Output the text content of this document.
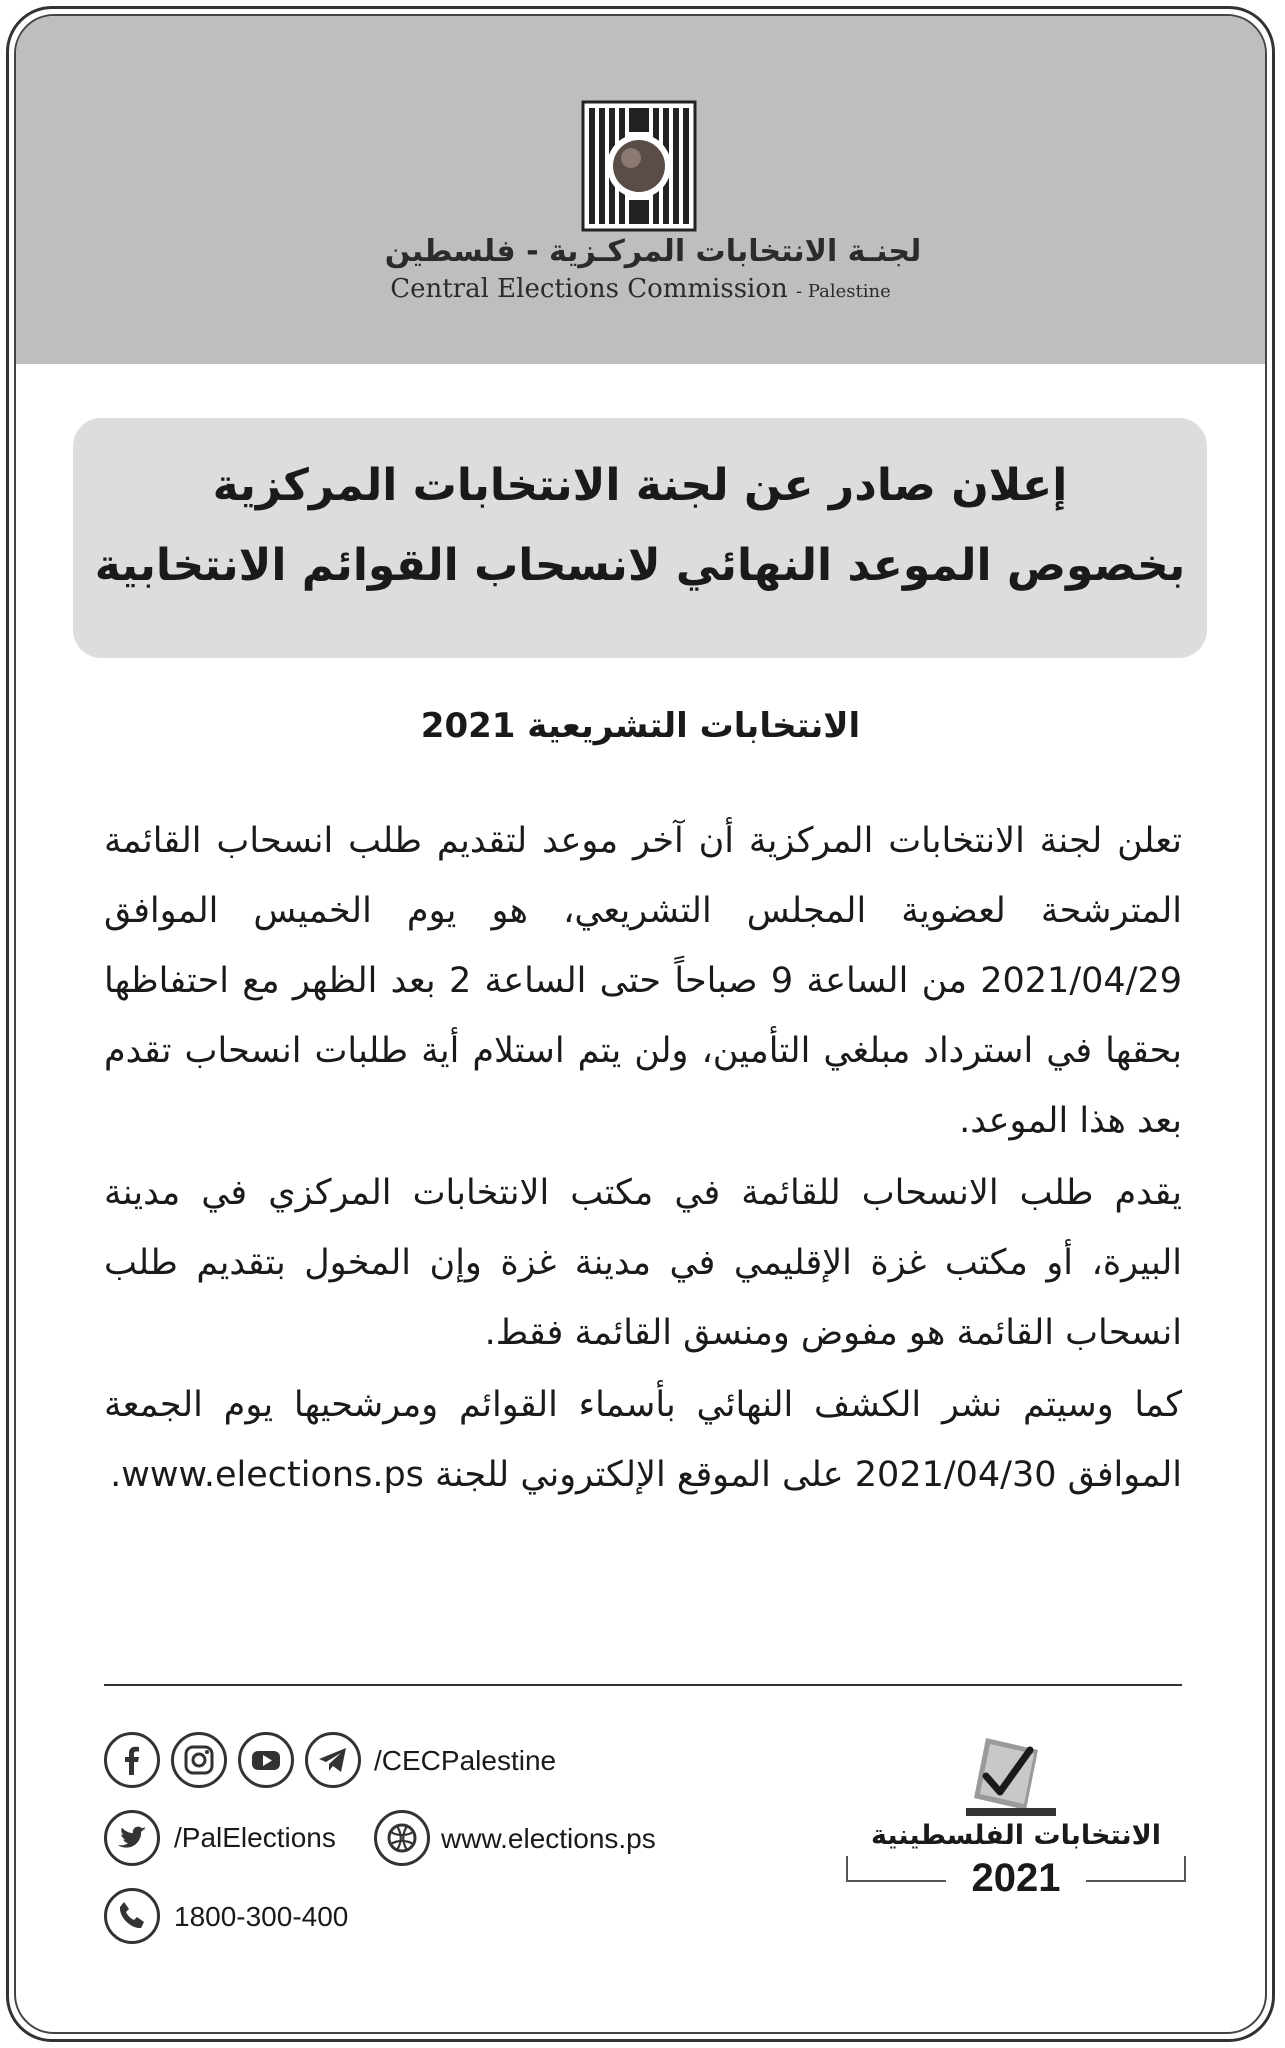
لجنـة الانتخابات المركـزية - فلسطين
Central Elections Commission - Palestine
إعلان صادر عن لجنة الانتخابات المركزية
بخصوص الموعد النهائي لانسحاب القوائم الانتخابية
الانتخابات التشريعية 2021
تعلن لجنة الانتخابات المركزية أن آخر موعد لتقديم طلب انسحاب القائمة المترشحة لعضوية المجلس التشريعي، هو يوم الخميس الموافق 2021/04/29 من الساعة 9 صباحاً حتى الساعة 2 بعد الظهر مع احتفاظها بحقها في استرداد مبلغي التأمين، ولن يتم استلام أية طلبات انسحاب تقدم بعد هذا الموعد.
يقدم طلب الانسحاب للقائمة في مكتب الانتخابات المركزي في مدينة البيرة، أو مكتب غزة الإقليمي في مدينة غزة وإن المخول بتقديم طلب انسحاب القائمة هو مفوض ومنسق القائمة فقط.
كما وسيتم نشر الكشف النهائي بأسماء القوائم ومرشحيها يوم الجمعة الموافق 2021/04/30 على الموقع الإلكتروني للجنة www.elections.ps.
/CECPalestine
/PalElections	www.elections.ps
1800-300-400
الانتخابات الفلسطينية
2021
